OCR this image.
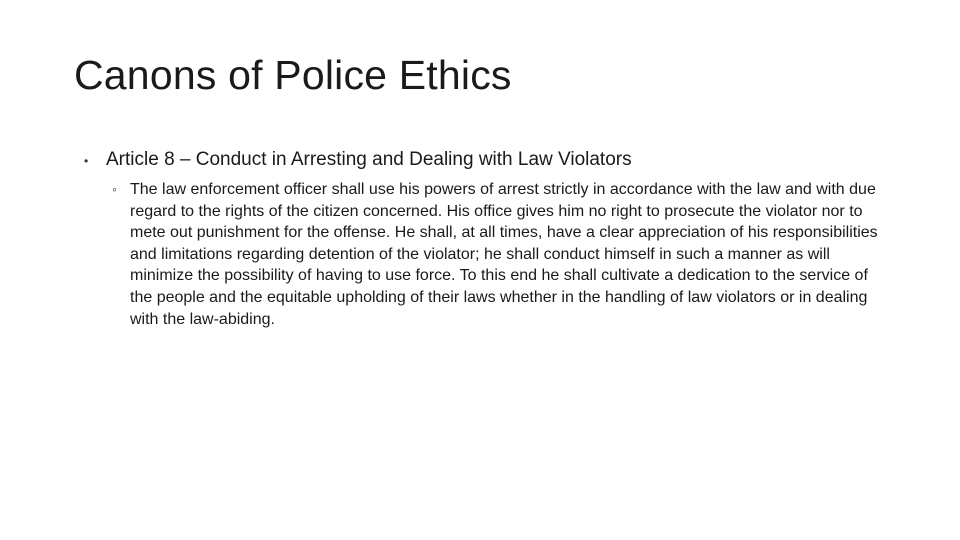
Canons of Police Ethics
• Article 8 – Conduct in Arresting and Dealing with Law Violators
◦ The law enforcement officer shall use his powers of arrest strictly in accordance with the law and with due regard to the rights of the citizen concerned. His office gives him no right to prosecute the violator nor to mete out punishment for the offense. He shall, at all times, have a clear appreciation of his responsibilities and limitations regarding detention of the violator; he shall conduct himself in such a manner as will minimize the possibility of having to use force. To this end he shall cultivate a dedication to the service of the people and the equitable upholding of their laws whether in the handling of law violators or in dealing with the law-abiding.
